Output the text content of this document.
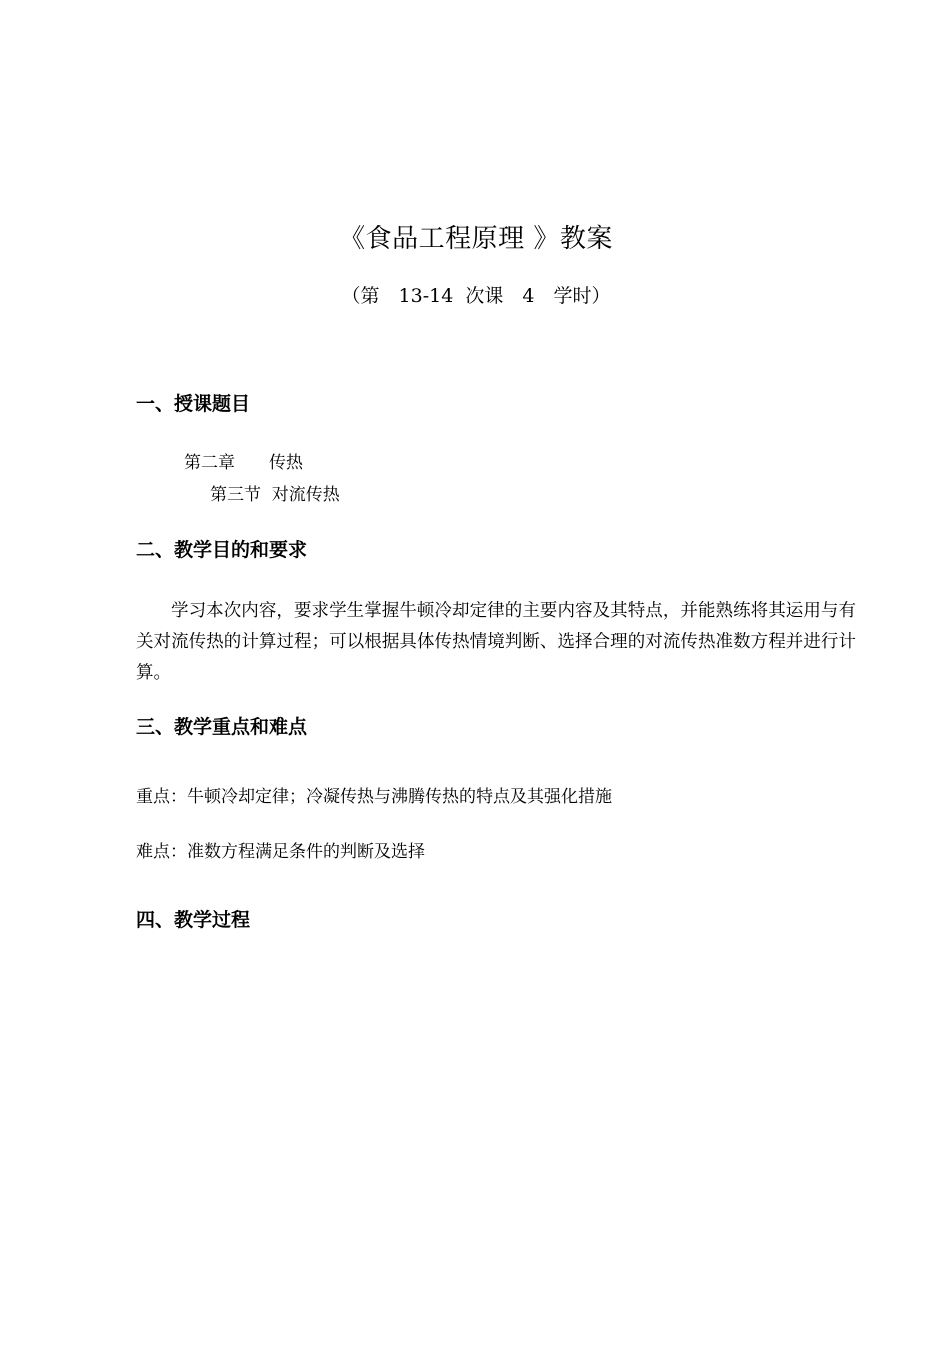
《食品工程原理 》教案
（第　13-14  次课　4　学时）
一、授课题目
第二章　　传热
第三节  对流传热
二、教学目的和要求
学习本次内容，要求学生掌握牛顿冷却定律的主要内容及其特点，并能熟练将其运用与有关对流传热的计算过程；可以根据具体传热情境判断、选择合理的对流传热准数方程并进行计算。
三、教学重点和难点
重点：牛顿冷却定律；冷凝传热与沸腾传热的特点及其强化措施
难点：准数方程满足条件的判断及选择
四、教学过程
